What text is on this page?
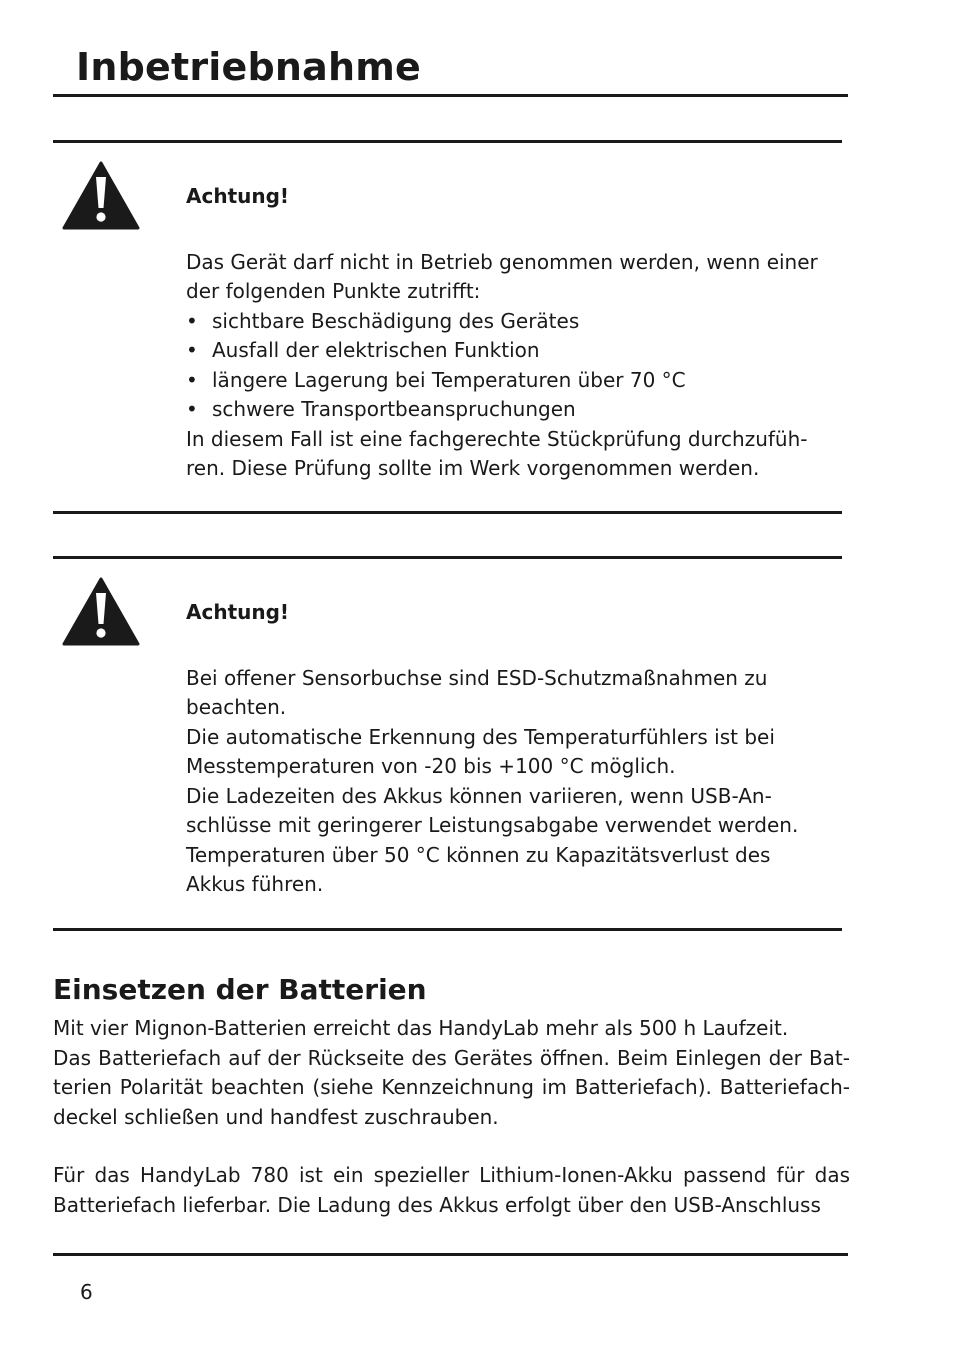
Inbetriebnahme

Achtung!

Das Gerät darf nicht in Betrieb genommen werden, wenn einer

der folgenden Punkte zutrifft:

• sichtbare Beschädigung des Gerätes
• Ausfall der elektrischen Funktion
• längere Lagerung bei Temperaturen über 70 °C
• schwere Transportbeanspruchungen

In diesem Fall ist eine fachgerechte Stückprüfung durchzufüh-

ren. Diese Prüfung sollte im Werk vorgenommen werden.

Achtung!

Bei offener Sensorbuchse sind ESD-Schutzmaßnahmen zu

beachten.

Die automatische Erkennung des Temperaturfühlers ist bei

Messtemperaturen von -20 bis +100 °C möglich.

Die Ladezeiten des Akkus können variieren, wenn USB-An-

schlüsse mit geringerer Leistungsabgabe verwendet werden.

Temperaturen über 50 °C können zu Kapazitätsverlust des

Akkus führen.

Einsetzen der Batterien

Mit vier Mignon-Batterien erreicht das HandyLab mehr als 500 h Laufzeit.

Das Batteriefach auf der Rückseite des Gerätes öffnen. Beim Einlegen der Bat-

terien Polarität beachten (siehe Kennzeichnung im Batteriefach). Batteriefach-

deckel schließen und handfest zuschrauben.

Für das HandyLab 780 ist ein spezieller Lithium-Ionen-Akku passend für das

Batteriefach lieferbar. Die Ladung des Akkus erfolgt über den USB-Anschluss

6
